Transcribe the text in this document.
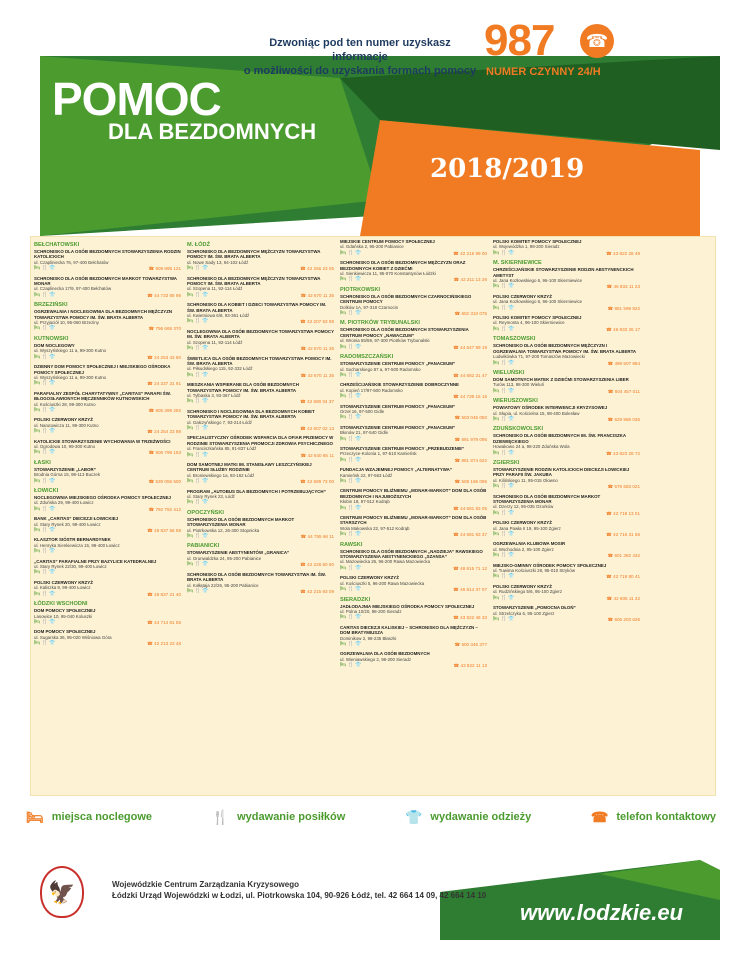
Dzwoniąc pod ten numer uzyskasz informacje
o możliwości do uzyskania formach pomocy
987	☎
NUMER CZYNNY 24/H
POMOC
DLA BEZDOMNYCH
SEZON
2018/2019
BEŁCHATOWSKI
SCHRONISKO DLA OSÓB BEZDOMNYCH STOWARZYSZENIA RODZIN KATOLICKICH
ul. Czapliniecka 76, 97-400 Bełchatów
🛏 🍴 👕	☎ 609 895 121
SCHRONISKO DLA OSÓB BEZDOMNYCH MARKOT TOWARZYSTWA MONAR
ul. Czaplinecka 17/9, 97-400 Bełchatów
🛏 🍴 👕	☎ 44 733 65 96
BRZEZIŃSKI
OGRZEWALNIA I NOCLEGOWNIA DLA BEZDOMNYCH MĘŻCZYZN TOWARZYSTWA POMOCY IM. ŚW. BRATA ALBERTA
ul. Przyjaciół 10, 95-060 Brzeziny
🛏 🍴 👕	☎ 796 665 370
KUTNOWSKI
DOM NOCLEGOWY
ul. Wyszyńskiego 11 a, 99-300 Kutno
🛏 🍴 👕	☎ 24 253 43 80
DZIENNY DOM POMOCY SPOŁECZNEJ I MIEJSKIEGO OŚRODKA POMOCY SPOŁECZNEJ
ul. Wyszyńskiego 11 a, 99-300 Kutno
🛏 🍴 👕	☎ 24 337 31 61
PARAFIALNY ZESPÓŁ CHARYTATYWNY „CARITAS” PARAFII ŚW. BŁOGOSŁAWIONYCH MĘCZENNIKÓW KUTNOWSKICH
ul. Kościuszki 28, 99-300 Kutno
🛏 🍴 👕	☎ 605 399 292
POLSKI CZERWONY KRZYŻ
ul. Narutowicza 11, 99-300 Kutno
🛏 🍴 👕	☎ 24 254 23 88
KATOLICKIE STOWARZYSZENIE WYCHOWANIA W TRZEŹWOŚCI
ul. Ogrodowa 10, 99-300 Kutno
🛏 🍴 👕	☎ 506 799 163
ŁASKI
STOWARZYSZENIE „LABOR”
Brodnia Górna 15, 98-113 Buczek
🛏 🍴 👕	☎ 539 055 500
ŁOWICKI
NOCLEGOWNIA MIEJSKIEGO OŚRODKA POMOCY SPOŁECZNEJ
ul. Zduńska 29, 99-400 Łowicz
🛏 🍴 👕	☎ 792 792 412
BANK „CARITAS” DIECEZJI ŁOWICKIEJ
ul. Stary Rynek 20, 99-400 Łowicz
🛏 🍴 👕	☎ 46 837 56 58
KLASZTOR SIÓSTR BERNARDYNEK
ul. Henryka Sienkiewicza 15, 99-400 Łowicz
🛏 🍴 👕
„CARITAS” PARAFIALNE PRZY BAZYLICE KATEDRALNEJ
ul. Stary Rynek 22/30, 99-400 Łowicz
🛏 🍴 👕
POLSKI CZERWONY KRZYŻ
ul. Kaliszka 9, 99-400 Łowicz
🛏 🍴 👕	☎ 46 837 21 40
ŁÓDZKI WSCHODNI
DOM POMOCY SPOŁECZNEJ
Lasowice 10, 95-040 Koluszki
🛏 🍴 👕	☎ 44 714 61 55
DOM POMOCY SPOŁECZNEJ
ul. Sugarska 36, 95-020 Wiśniowa Góra
🛏 🍴 👕	☎ 42 213 23 48
M. ŁÓDŹ
SCHRONISKO DLA BEZDOMNYCH MĘŻCZYZN TOWARZYSTWA POMOCY IM. ŚW. BRATA ALBERTA
ul. Nowe Sady 13, 94-102 Łódź
🛏 🍴 👕	☎ 42 256 23 05
SCHRONISKO DLA BEZDOMNYCH MĘŻCZYZN TOWARZYSTWA POMOCY IM. ŚW. BRATA ALBERTA
ul. Szopena 11, 92-114 Łódź
🛏 🍴 👕	☎ 42 670 11 35
SCHRONISKO DLA KOBIET I DZIECI TOWARZYSTWA POMOCY IM. ŚW. BRATA ALBERTA
ul. Kwietniowa 6/8, 93-361 Łódź
🛏 🍴 👕	☎ 42 207 63 69
NOCLEGOWNIA DLA OSÓB BEZDOMNYCH TOWARZYSTWA POMOCY IM. ŚW. BRATA ALBERTA
ul. Szopena 11, 92-114 Łódź
🛏 🍴 👕	☎ 42 670 11 36
ŚWIETLICA DLA OSÓB BEZDOMNYCH TOWARZYSTWA POMOCY IM. ŚW. BRATA ALBERTA
ul. Piłsudskiego 115, 92-332 Łódź
🛏 🍴 👕	☎ 42 670 11 35
MIESZKANIA WSPIERANE DLA OSÓB BEZDOMNYCH TOWARZYSTWA POMOCY IM. ŚW. BRATA ALBERTA
ul. Tylbaska 3, 93-367 Łódź
🛏 🍴 👕	☎ 42 680 04 37
SCHRONISKO I NOCLEGOWNIA DLA BEZDOMNYCH KOBIET TOWARZYSTWA POMOCY IM. ŚW. BRATA ALBERTA
ul. Gałczyńskiego 7, 93-214 Łódź
🛏 🍴 👕	☎ 42 607 02 13
SPECJALISTYCZNY OŚRODEK WSPARCIA DLA OFIAR PRZEMOCY W RODZINIE STOWARZYSZENIA PROMOCJI ZDROWIA PSYCHICZNEGO
ul. Franciszkańska 85, 91-837 Łódź
🛏 🍴 👕	☎ 42 640 65 11
DOM SAMOTNEJ MATKI IM. STANISŁAWY LESZCZYŃSKIEJ CENTRUM SŁUŻBY RODZINIE
ul. Broniewskiego 1a, 93-162 Łódź
🛏 🍴 👕	☎ 42 689 73 00
PROGRAM „AUTOBUS DLA BEZDOMNYCH I POTRZEBUJĄCYCH”
ul. Stary Rynek 23, Łódź
🛏 🍴 👕
OPOCZYŃSKI
SCHRONISKO DLA OSÓB BEZDOMNYCH MARKOT STOWARZYSZENIA MONAR
ul. Piotrkowska 12, 26-300 Stopnicka
🛏 🍴 👕	☎ 44 755 66 11
PABIANICKI
STOWARZYSZENIE ABSTYNENTÓW „GRANICA”
ul. Grunwaldzka 24, 95-200 Pabianice
🛏 🍴 👕	☎ 42 226 60 60
SCHRONISKO DLA OSÓB BEZDOMNYCH TOWARZYSTWA IM. ŚW. BRATA ALBERTA
ul. Kołłątaja 22/26, 95-200 Pabianice
🛏 🍴 👕	☎ 42 215 93 09
MIEJSKIE CENTRUM POMOCY SPOŁECZNEJ
ul. Gdańska 2, 95-200 Pabianice
🛏 🍴 👕	☎ 42 215 99 00
SCHRONISKO DLA OSÓB BEZDOMNYCH MĘŻCZYZN ORAZ BEZDOMNYCH KOBIET Z DZIEĆMI
ul. Sienkiewicza 11, 95-070 Konstantynów Łódzki
🛏 🍴 👕	☎ 42 211 13 26
PIOTRKOWSKI
SCHRONISKO DLA OSÓB BEZDOMNYCH CZARNOCIŃSKIEGO CENTRUM POMOCY
Dolków 1A, 97-318 Czarnocin
🛏 🍴 👕	☎ 602 310 075
M. PIOTRKÓW TRYBUNALSKI
SCHRONISKO DLA OSÓB BEZDOMNYCH STOWARZYSZENIA CENTRUM POMOCY „NAWACZUM”
ul. Wronia 55/59, 97-300 Piotrków Trybunalski
🛏 🍴 👕	☎ 44 647 99 19
RADOMSZCZAŃSKI
STOWARZYSZENIE CENTRUM POMOCY „PANACEUM”
ul. Sucharskiego 87 a, 97-500 Radomsko
🛏 🍴 👕	☎ 44 682 31 47
CHRZEŚCIJAŃSKIE STOWARZYSZENIE DOBROCZYNNE
ul. Kopień 17/97-500 Radomsko
🛏 🍴 👕	☎ 44 739 15 16
STOWARZYSZENIE CENTRUM POMOCY „PANACEUM”
Orzeł 16, 97-500 Gidle
🛏 🍴 👕	☎ 503 045 050
STOWARZYSZENIE CENTRUM POMOCY „PANACEUM”
Błonów 21, 97-540 Gidle
🛏 🍴 👕	☎ 691 979 095
STOWARZYSZENIE CENTRUM POMOCY „PRZEBUDZENIE”
Przeczyce-Kolonia 1, 97-510 Kamieńsk
🛏 🍴 👕	☎ 881 874 622
FUNDACJA WZAJEMNEJ POMOCY „ALTERNATYWA”
Kamieńsk 22, 97-563 Łódź
🛏 🍴 👕	☎ 508 196 095
CENTRUM POMOCY BLIŹNIEMU „MONAR-MARKOT” DOM DLA OSÓB BEZDOMNYCH I NAJUBOŻSZYCH
Kłobin 18, 97-512 Kodrąb
🛏 🍴 👕	☎ 44 681 93 05
CENTRUM POMOCY BLIŹNIEMU „MONAR-MARKOT” DOM DLA OSÓB STARSZYCH
Wola Makowska 22, 97-512 Kodrąb
🛏 🍴 👕	☎ 44 681 93 37
RAWSKI
SCHRONISKO DLA OSÓB BEZDOMNYCH „NADZIEJA” RAWSKIEGO STOWARZYSZENIA ABSTYNENCKIEGO „SZANSA”
ul. Mazowiecka 26, 96-200 Rawa Mazowiecka
🛏 🍴 👕	☎ 46 815 71 12
POLSKI CZERWONY KRZYŻ
ul. Kościuszki 5, 96-200 Rawa Mazowiecka
🛏 🍴 👕	☎ 46 814 37 07
SIERADZKI
JADŁODAJNIA MIEJSKIEGO OŚRODKA POMOCY SPOŁECZNEJ
ul. Polna 10/20, 98-200 Sieradz
🛏 🍴 👕	☎ 43 822 46 33
CARITAS DIECEZJI KALISKIEJ – SCHRONISKO DLA MĘŻCZYZN – DOM BRATYMIUSZA
Dominikow 2, 98-235 Błaszki
🛏 🍴 👕	☎ 500 346 377
OGRZEWALNIA DLA OSÓB BEZDOMNYCH
ul. Wieniawskiego 2, 98-200 Sieradz
🛏 🍴 👕	☎ 43 822 11 13
POLSKI KOMITET POMOCY SPOŁECZNEJ
ul. Wojewódzka 1, 98-200 Sieradz
🛏 🍴 👕	☎ 43 822 28 49
M. SKIERNIEWICE
CHRZEŚCIJAŃSKIE STOWARZYSZENIE RODZIN ABSTYNENCKICH AMETYST
ul. Jana Kozłowskiego 6, 96-100 Skierniewice
🛏 🍴 👕	☎ 46 833 11 23
POLSKI CZERWONY KRZYŻ
ul. Jana Kozłowskiego 6, 96-100 Skierniewice
🛏 🍴 👕	☎ 881 599 822
POLSKI KOMITET POMOCY SPOŁECZNEJ
ul. Reymonta 4, 96-100 Skierniewice
🛏 🍴 👕	☎ 46 833 26 17
TOMASZOWSKI
SCHRONISKO DLA OSÓB BEZDOMNYCH MĘŻCZYZN I OGRZEWALNIA TOWARZYSTWA POMOCY IM. ŚW. BRATA ALBERTA
Ludwikówka 71, 97-200 Tomaszów Mazowiecki
🛏 🍴 👕	☎ 499 507 984
WIELUŃSKI
DOM SAMOTNYCH MATEK Z DZIEĆMI STOWARZYSZENIA LIBER
Turów 113, 98-300 Wieluń
🛏 🍴 👕	☎ 604 457 011
WIERUSZOWSKI
POWIATOWY OŚRODEK INTERWENCJI KRYZYSOWEJ
ul. Słupia, ul. Kościelna 15, 98-400 Bolesław
🛏 🍴 👕	☎ 629 986 035
ZDUŃSKOWOLSKI
SCHRONISKO DLA OSÓB BEZDOMNYCH IM. ŚW. FRANCISZKA DZIEWIĘCKIEGO
Howakowo 24 a, 98-220 Zduńska Wola
🛏 🍴 👕	☎ 43 823 28 72
ZGIERSKI
STOWARZYSZENIE RODZIN KATOLICKICH DIECEZJI ŁOWICKIEJ PRZY PARAFII ŚW. JAKUBA
ul. Kilińskiego 11, 95-015 Głowno
🛏 🍴 👕	☎ 576 683 021
SCHRONISKO DLA OSÓB BEZDOMNYCH MARKOT STOWARZYSZENIA MONAR
ul. Dzerzy 12, 95-035 Ozorków
🛏 🍴 👕	☎ 42 718 13 01
POLSKI CZERWONY KRZYŻ
ul. Jana Pawła II 19, 95-100 Zgierz
🛏 🍴 👕	☎ 42 716 31 56
OGRZEWALNIA KLUBOWA MOSIR
ul. Wschodnia 2, 95-100 Zgierz
🛏 🍴 👕	☎ 601 382 432
MIEJSKO-GMINNY OŚRODEK POMOCY SPOŁECZNEJ
ul. Tuwima Kościuszki 28, 95-010 Stryków
🛏 🍴 👕	☎ 42 719 80 41
POLSKI CZERWONY KRZYŻ
ul. Rudzińskiego 5/6, 95-100 Zgierz
🛏 🍴 👕	☎ 42 606 11 22
STOWARZYSZENIE „POMOCNA DŁOŃ”
ul. Strzelczyka 6, 95-100 Zgierz
🛏 🍴 👕	☎ 606 203 626
🛏 miejsca noclegowe	🍴 wydawanie posiłków	👕 wydawanie odzieży	☎ telefon kontaktowy
🦅	Wojewódzkie Centrum Zarządzania Kryzysowego
Łódzki Urząd Wojewódzki w Łodzi, ul. Piotrkowska 104, 90-926 Łódź, tel. 42 664 14 09, 42 664 14 10
www.lodzkie.eu
